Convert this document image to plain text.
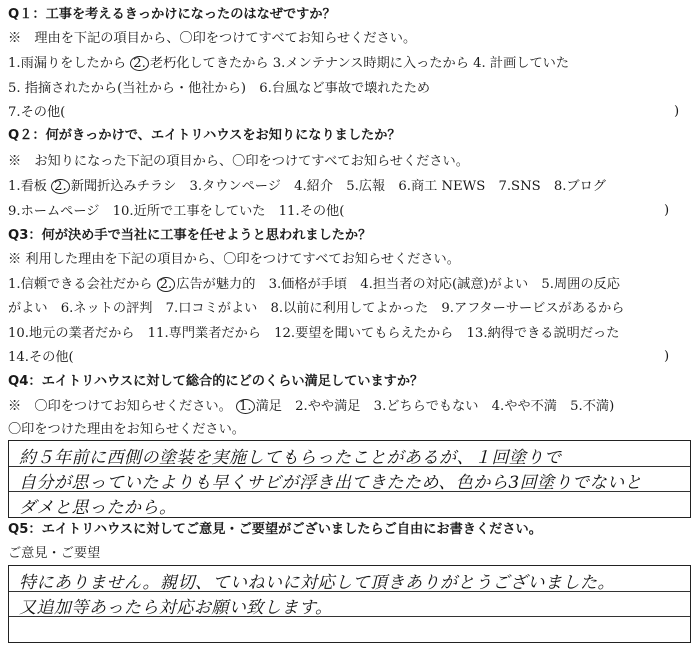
Q１：工事を考えるきっかけになったのはなぜですか？
※　理由を下記の項目から、〇印をつけてすべてお知らせください。
1.雨漏りをしたから 2. 老朽化してきたから 3.メンテナンス時期に入ったから 4. 計画していた
5. 指摘されたから(当社から・他社から)　6.台風など事故で壊れたため
7.その他(	)
Q２：何がきっかけで、エイトリハウスをお知りになりましたか？
※　お知りになった下記の項目から、〇印をつけてすべてお知らせください。
1.看板 2. 新聞折込みチラシ　3.タウンページ　4.紹介　5.広報　6.商工 NEWS　7.SNS　8.ブログ
9.ホームページ　10.近所で工事をしていた　11.その他(	)
Q3：何が決め手で当社に工事を任せようと思われましたか？
※ 利用した理由を下記の項目から、〇印をつけてすべてお知らせください。
1.信頼できる会社だから 2. 広告が魅力的　3.価格が手頃　4.担当者の対応(誠意)がよい　5.周囲の反応
がよい　6.ネットの評判　7.口コミがよい　8.以前に利用してよかった　9.アフターサービスがあるから
10.地元の業者だから　11.専門業者だから　12.要望を聞いてもらえたから　13.納得できる説明だった
14.その他(	)
Q4：エイトリハウスに対して総合的にどのくらい満足していますか？
※　〇印をつけてお知らせください。 1. 満足　2.やや満足　3.どちらでもない　4.やや不満　5.不満)
〇印をつけた理由をお知らせください。
約５年前に西側の塗装を実施してもらったことがあるが、１回塗りで
自分が思っていたよりも早くサビが浮き出てきたため、色から3回塗りでないと
ダメと思ったから。
Q5：エイトリハウスに対してご意見・ご要望がございましたらご自由にお書きください。
ご意見・ご要望
特にありません。親切、ていねいに対応して頂きありがとうございました。
又追加等あったら対応お願い致します。
